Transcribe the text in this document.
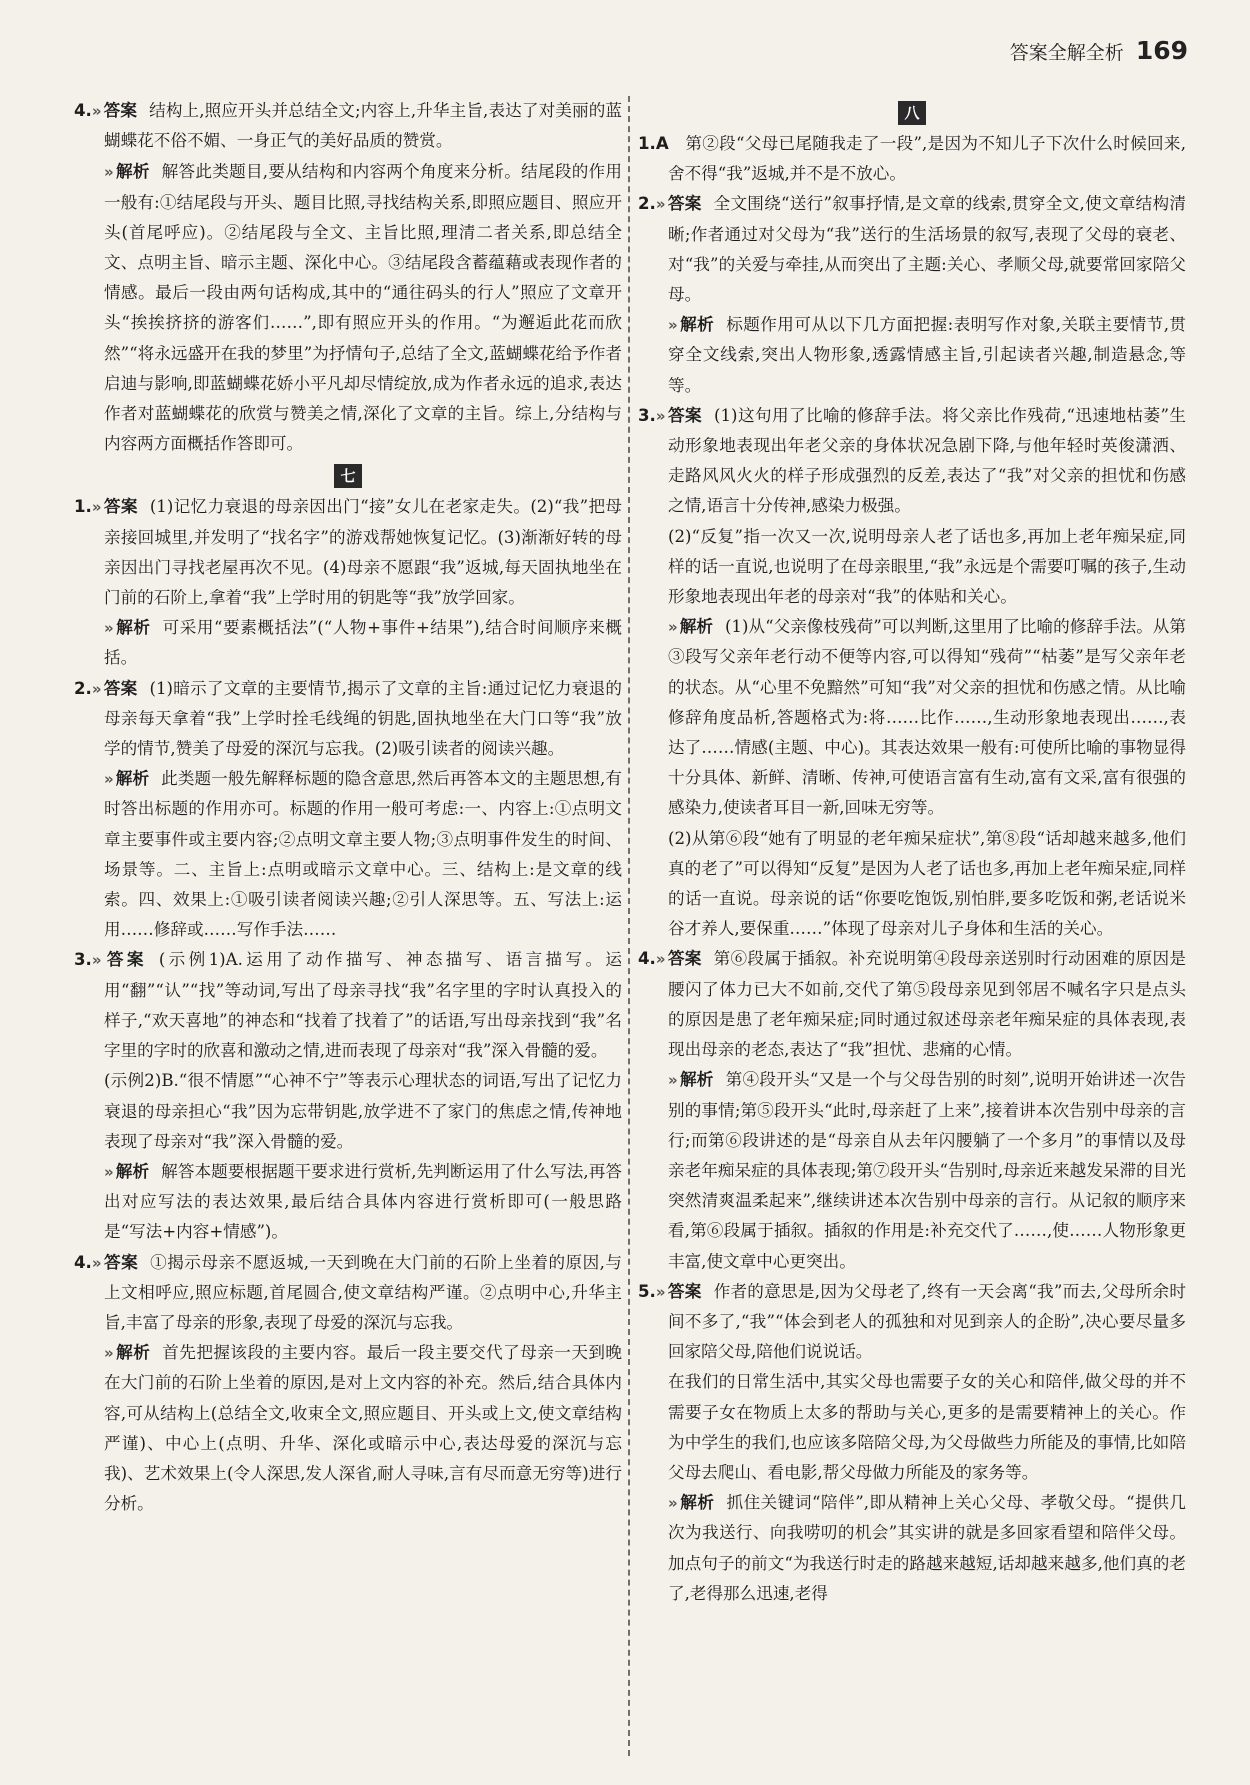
答案全解全析 169

4. » 答案 结构上,照应开头并总结全文;内容上,升华主旨,表达了对美丽的蓝蝴蝶花不俗不媚、一身正气的美好品质的赞赏。

» 解析 解答此类题目,要从结构和内容两个角度来分析。结尾段的作用一般有:①结尾段与开头、题目比照,寻找结构关系,即照应题目、照应开头(首尾呼应)。②结尾段与全文、主旨比照,理清二者关系,即总结全文、点明主旨、暗示主题、深化中心。③结尾段含蓄蕴藉或表现作者的情感。最后一段由两句话构成,其中的“通往码头的行人”照应了文章开头“挨挨挤挤的游客们……”,即有照应开头的作用。“为邂逅此花而欣然”“将永远盛开在我的梦里”为抒情句子,总结了全文,蓝蝴蝶花给予作者启迪与影响,即蓝蝴蝶花娇小平凡却尽情绽放,成为作者永远的追求,表达作者对蓝蝴蝶花的欣赏与赞美之情,深化了文章的主旨。综上,分结构与内容两方面概括作答即可。

七

1. » 答案 (1)记忆力衰退的母亲因出门“接”女儿在老家走失。(2)“我”把母亲接回城里,并发明了“找名字”的游戏帮她恢复记忆。(3)渐渐好转的母亲因出门寻找老屋再次不见。(4)母亲不愿跟“我”返城,每天固执地坐在门前的石阶上,拿着“我”上学时用的钥匙等“我”放学回家。

» 解析 可采用“要素概括法”(“人物+事件+结果”),结合时间顺序来概括。

2. » 答案 (1)暗示了文章的主要情节,揭示了文章的主旨:通过记忆力衰退的母亲每天拿着“我”上学时拴毛线绳的钥匙,固执地坐在大门口等“我”放学的情节,赞美了母爱的深沉与忘我。(2)吸引读者的阅读兴趣。

» 解析 此类题一般先解释标题的隐含意思,然后再答本文的主题思想,有时答出标题的作用亦可。标题的作用一般可考虑:一、内容上:①点明文章主要事件或主要内容;②点明文章主要人物;③点明事件发生的时间、场景等。二、主旨上:点明或暗示文章中心。三、结构上:是文章的线索。四、效果上:①吸引读者阅读兴趣;②引人深思等。五、写法上:运用……修辞或……写作手法……

3. » 答案 (示例1)A.运用了动作描写、神态描写、语言描写。运用“翻”“认”“找”等动词,写出了母亲寻找“我”名字里的字时认真投入的样子,“欢天喜地”的神态和“找着了找着了”的话语,写出母亲找到“我”名字里的字时的欣喜和激动之情,进而表现了母亲对“我”深入骨髓的爱。

(示例2)B.“很不情愿”“心神不宁”等表示心理状态的词语,写出了记忆力衰退的母亲担心“我”因为忘带钥匙,放学进不了家门的焦虑之情,传神地表现了母亲对“我”深入骨髓的爱。

» 解析 解答本题要根据题干要求进行赏析,先判断运用了什么写法,再答出对应写法的表达效果,最后结合具体内容进行赏析即可(一般思路是“写法+内容+情感”)。

4. » 答案 ①揭示母亲不愿返城,一天到晚在大门前的石阶上坐着的原因,与上文相呼应,照应标题,首尾圆合,使文章结构严谨。②点明中心,升华主旨,丰富了母亲的形象,表现了母爱的深沉与忘我。

» 解析 首先把握该段的主要内容。最后一段主要交代了母亲一天到晚在大门前的石阶上坐着的原因,是对上文内容的补充。然后,结合具体内容,可从结构上(总结全文,收束全文,照应题目、开头或上文,使文章结构严谨)、中心上(点明、升华、深化或暗示中心,表达母爱的深沉与忘我)、艺术效果上(令人深思,发人深省,耐人寻味,言有尽而意无穷等)进行分析。

八

1.A 第②段“父母已尾随我走了一段”,是因为不知儿子下次什么时候回来,舍不得“我”返城,并不是不放心。

2. » 答案 全文围绕“送行”叙事抒情,是文章的线索,贯穿全文,使文章结构清晰;作者通过对父母为“我”送行的生活场景的叙写,表现了父母的衰老、对“我”的关爱与牵挂,从而突出了主题:关心、孝顺父母,就要常回家陪父母。

» 解析 标题作用可从以下几方面把握:表明写作对象,关联主要情节,贯穿全文线索,突出人物形象,透露情感主旨,引起读者兴趣,制造悬念,等等。

3. » 答案 (1)这句用了比喻的修辞手法。将父亲比作残荷,“迅速地枯萎”生动形象地表现出年老父亲的身体状况急剧下降,与他年轻时英俊潇洒、走路风风火火的样子形成强烈的反差,表达了“我”对父亲的担忧和伤感之情,语言十分传神,感染力极强。

(2)“反复”指一次又一次,说明母亲人老了话也多,再加上老年痴呆症,同样的话一直说,也说明了在母亲眼里,“我”永远是个需要叮嘱的孩子,生动形象地表现出年老的母亲对“我”的体贴和关心。

» 解析 (1)从“父亲像枝残荷”可以判断,这里用了比喻的修辞手法。从第③段写父亲年老行动不便等内容,可以得知“残荷”“枯萎”是写父亲年老的状态。从“心里不免黯然”可知“我”对父亲的担忧和伤感之情。从比喻修辞角度品析,答题格式为:将……比作……,生动形象地表现出……,表达了……情感(主题、中心)。其表达效果一般有:可使所比喻的事物显得十分具体、新鲜、清晰、传神,可使语言富有生动,富有文采,富有很强的感染力,使读者耳目一新,回味无穷等。

(2)从第⑥段“她有了明显的老年痴呆症状”,第⑧段“话却越来越多,他们真的老了”可以得知“反复”是因为人老了话也多,再加上老年痴呆症,同样的话一直说。母亲说的话“你要吃饱饭,别怕胖,要多吃饭和粥,老话说米谷才养人,要保重……”体现了母亲对儿子身体和生活的关心。

4. » 答案 第⑥段属于插叙。补充说明第④段母亲送别时行动困难的原因是腰闪了体力已大不如前,交代了第⑤段母亲见到邻居不喊名字只是点头的原因是患了老年痴呆症;同时通过叙述母亲老年痴呆症的具体表现,表现出母亲的老态,表达了“我”担忧、悲痛的心情。

» 解析 第④段开头“又是一个与父母告别的时刻”,说明开始讲述一次告别的事情;第⑤段开头“此时,母亲赶了上来”,接着讲本次告别中母亲的言行;而第⑥段讲述的是“母亲自从去年闪腰躺了一个多月”的事情以及母亲老年痴呆症的具体表现;第⑦段开头“告别时,母亲近来越发呆滞的目光突然清爽温柔起来”,继续讲述本次告别中母亲的言行。从记叙的顺序来看,第⑥段属于插叙。插叙的作用是:补充交代了……,使……人物形象更丰富,使文章中心更突出。

5. » 答案 作者的意思是,因为父母老了,终有一天会离“我”而去,父母所余时间不多了,“我”“体会到老人的孤独和对见到亲人的企盼”,决心要尽量多回家陪父母,陪他们说说话。

在我们的日常生活中,其实父母也需要子女的关心和陪伴,做父母的并不需要子女在物质上太多的帮助与关心,更多的是需要精神上的关心。作为中学生的我们,也应该多陪陪父母,为父母做些力所能及的事情,比如陪父母去爬山、看电影,帮父母做力所能及的家务等。

» 解析 抓住关键词“陪伴”,即从精神上关心父母、孝敬父母。“提供几次为我送行、向我唠叨的机会”其实讲的就是多回家看望和陪伴父母。加点句子的前文“为我送行时走的路越来越短,话却越来越多,他们真的老了,老得那么迅速,老得
